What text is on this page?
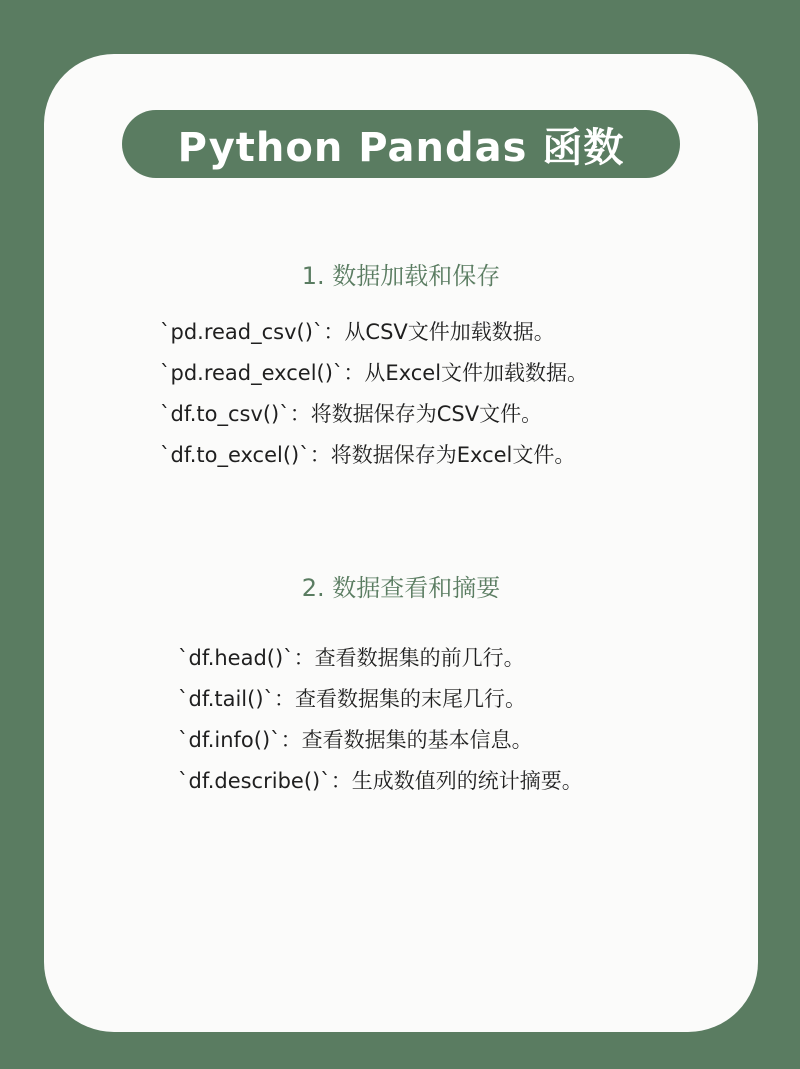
Python Pandas 函数
1. 数据加载和保存
`pd.read_csv()`：从CSV文件加载数据。
`pd.read_excel()`：从Excel文件加载数据。
`df.to_csv()`：将数据保存为CSV文件。
`df.to_excel()`：将数据保存为Excel文件。
2. 数据查看和摘要
`df.head()`：查看数据集的前几行。
`df.tail()`：查看数据集的末尾几行。
`df.info()`：查看数据集的基本信息。
`df.describe()`：生成数值列的统计摘要。
